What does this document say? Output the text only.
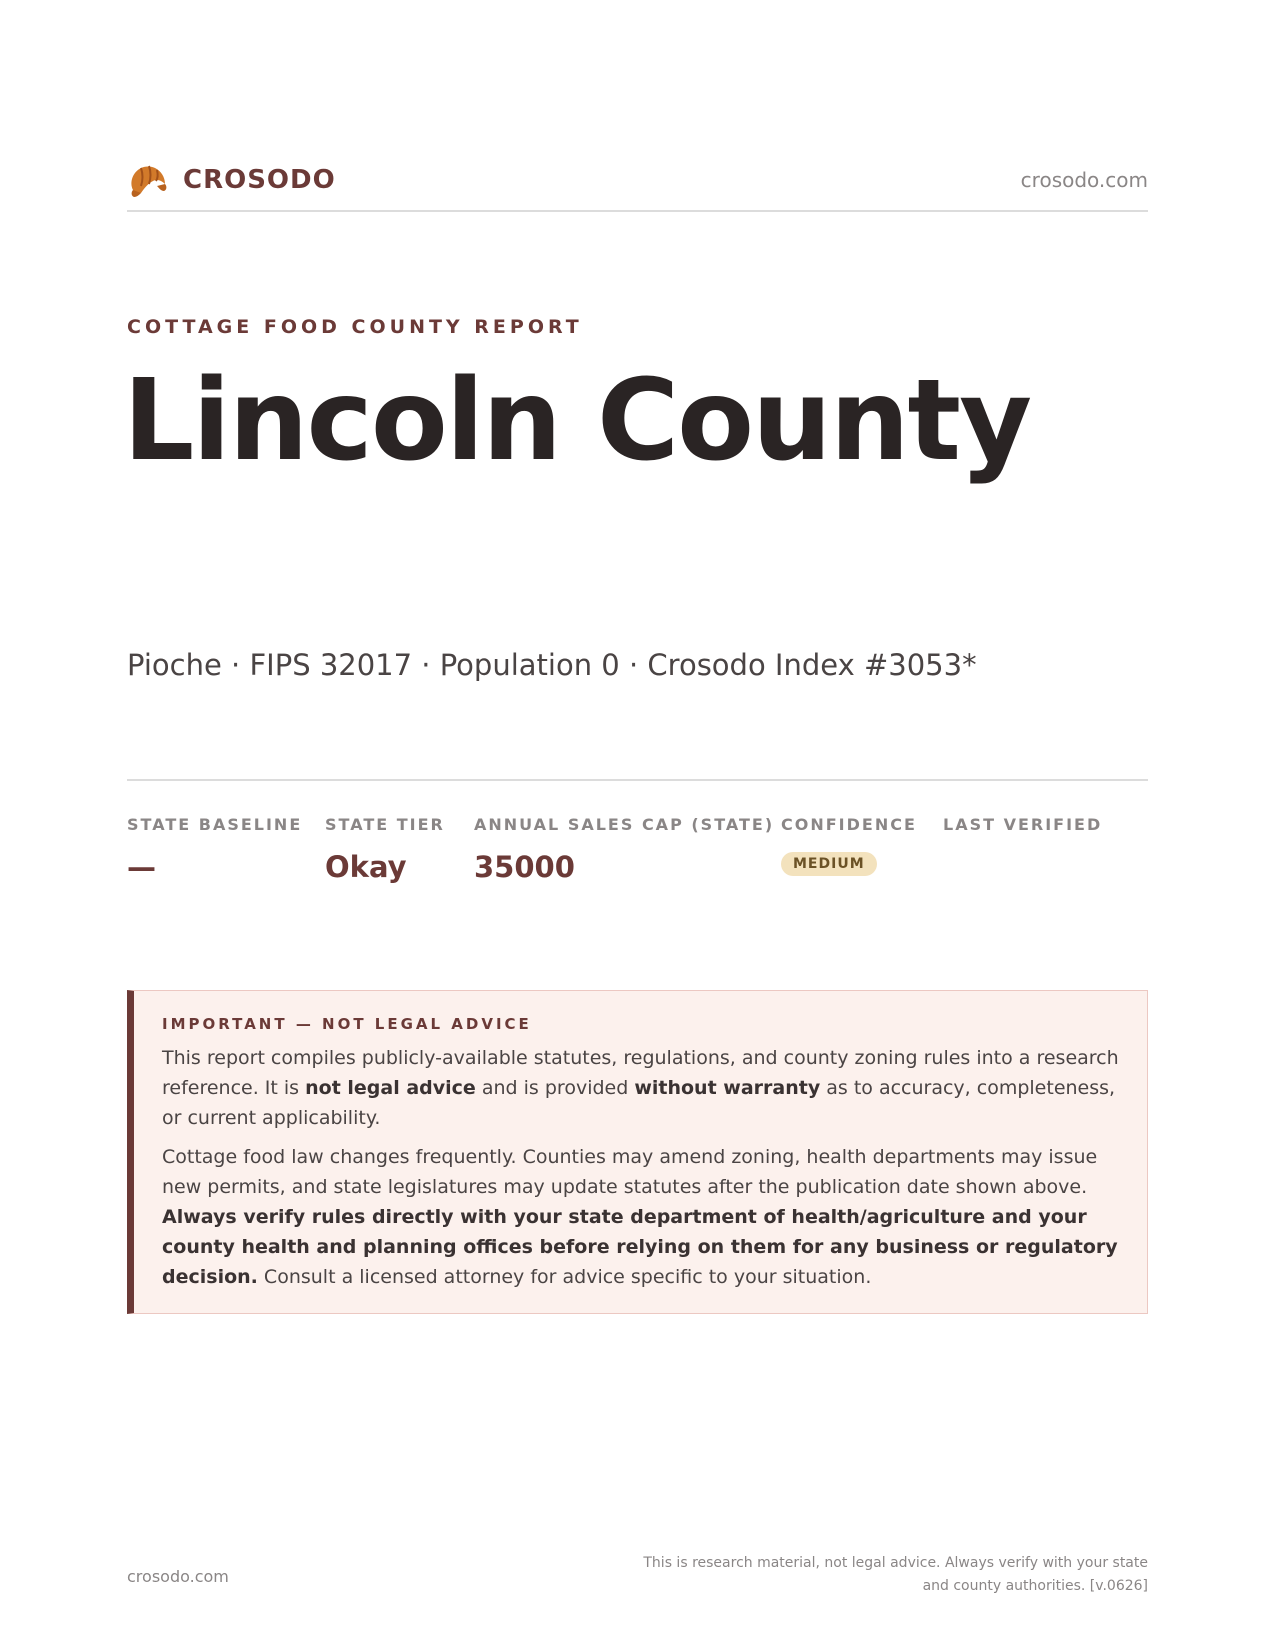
CROSODO	crosodo.com
COTTAGE FOOD COUNTY REPORT
Lincoln County
Pioche · FIPS 32017 · Population 0 · Crosodo Index #3053*
STATE BASELINE
—
STATE TIER
Okay
ANNUAL SALES CAP (STATE)
35000
CONFIDENCE
MEDIUM
LAST VERIFIED
IMPORTANT — NOT LEGAL ADVICE

This report compiles publicly-available statutes, regulations, and county zoning rules into a research reference. It is not legal advice and is provided without warranty as to accuracy, completeness, or current applicability.

Cottage food law changes frequently. Counties may amend zoning, health departments may issue new permits, and state legislatures may update statutes after the publication date shown above. Always verify rules directly with your state department of health/agriculture and your county health and planning offices before relying on them for any business or regulatory decision. Consult a licensed attorney for advice specific to your situation.

crosodo.com
This is research material, not legal advice. Always verify with your state
and county authorities. [v.0626]
